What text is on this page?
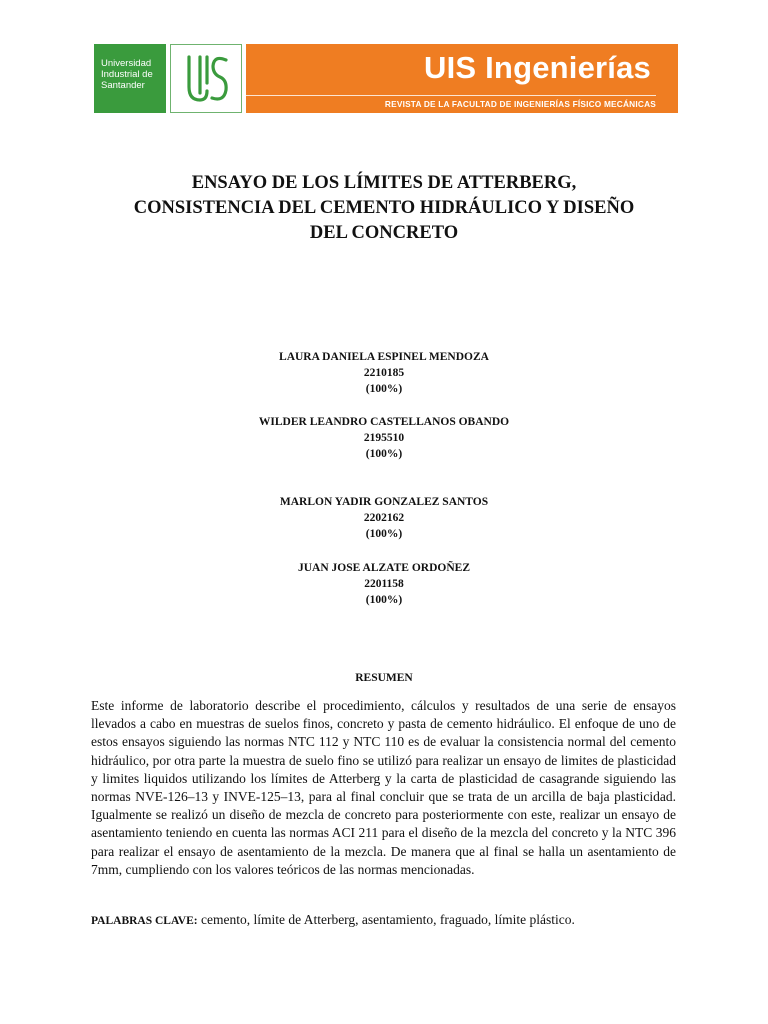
Universidad
Industrial de
Santander
UIS Ingenierías
REVISTA DE LA FACULTAD DE INGENIERÍAS FÍSICO MECÁNICAS
ENSAYO DE LOS LÍMITES DE ATTERBERG,
CONSISTENCIA DEL CEMENTO HIDRÁULICO Y DISEÑO
DEL CONCRETO
LAURA DANIELA ESPINEL MENDOZA
2210185
(100%)
WILDER LEANDRO CASTELLANOS OBANDO
2195510
(100%)
MARLON YADIR GONZALEZ SANTOS
2202162
(100%)
JUAN JOSE ALZATE ORDOÑEZ
2201158
(100%)
RESUMEN

Este informe de laboratorio describe el procedimiento, cálculos y resultados de una serie de ensayos llevados a cabo en muestras de suelos finos, concreto y pasta de cemento hidráulico. El enfoque de uno de estos ensayos siguiendo las normas NTC 112 y NTC 110 es de evaluar la consistencia normal del cemento hidráulico, por otra parte la muestra de suelo fino se utilizó para realizar un ensayo de limites de plasticidad y limites liquidos utilizando los límites de Atterberg y la carta de plasticidad de casagrande siguiendo las normas NVE-126–13 y INVE-125–13, para al final concluir que se trata de un arcilla de baja plasticidad. Igualmente se realizó un diseño de mezcla de concreto para posteriormente con este, realizar un ensayo de asentamiento teniendo en cuenta las normas ACI 211 para el diseño de la mezcla del concreto y la NTC 396 para realizar el ensayo de asentamiento de la mezcla. De manera que al final se halla un asentamiento de 7mm, cumpliendo con los valores teóricos de las normas mencionadas.

PALABRAS CLAVE: cemento, límite de Atterberg, asentamiento, fraguado, límite plástico.
